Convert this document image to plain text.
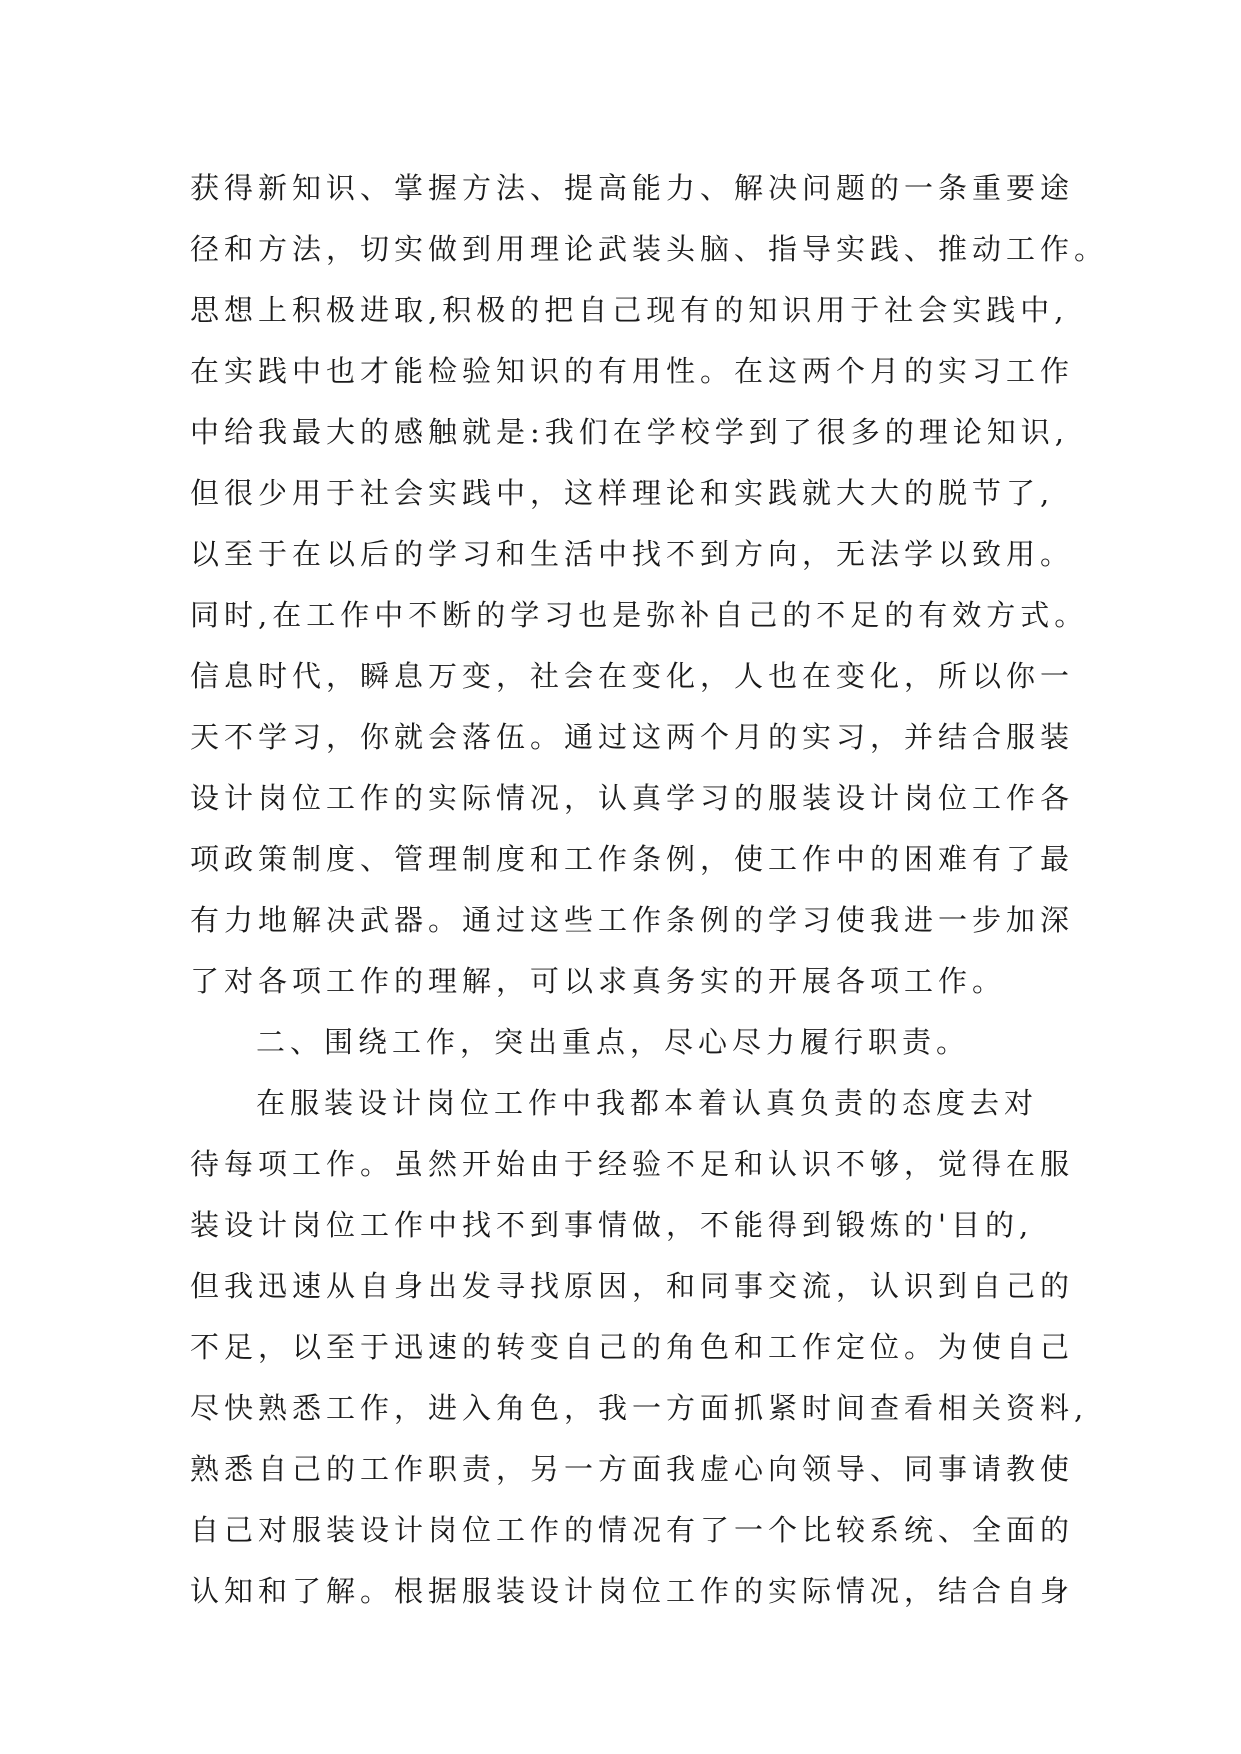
获得新知识、掌握方法、提高能力、解决问题的一条重要途
径和方法，切实做到用理论武装头脑、指导实践、推动工作。
思想上积极进取,积极的把自己现有的知识用于社会实践中,
在实践中也才能检验知识的有用性。在这两个月的实习工作
中给我最大的感触就是:我们在学校学到了很多的理论知识,
但很少用于社会实践中，这样理论和实践就大大的脱节了,
以至于在以后的学习和生活中找不到方向，无法学以致用。
同时,在工作中不断的学习也是弥补自己的不足的有效方式。
信息时代，瞬息万变，社会在变化，人也在变化，所以你一
天不学习，你就会落伍。通过这两个月的实习，并结合服装
设计岗位工作的实际情况，认真学习的服装设计岗位工作各
项政策制度、管理制度和工作条例，使工作中的困难有了最
有力地解决武器。通过这些工作条例的学习使我进一步加深
了对各项工作的理解，可以求真务实的开展各项工作。
二、围绕工作，突出重点，尽心尽力履行职责。
在服装设计岗位工作中我都本着认真负责的态度去对
待每项工作。虽然开始由于经验不足和认识不够，觉得在服
装设计岗位工作中找不到事情做，不能得到锻炼的'目的,
但我迅速从自身出发寻找原因，和同事交流，认识到自己的
不足，以至于迅速的转变自己的角色和工作定位。为使自己
尽快熟悉工作，进入角色，我一方面抓紧时间查看相关资料,
熟悉自己的工作职责，另一方面我虚心向领导、同事请教使
自己对服装设计岗位工作的情况有了一个比较系统、全面的
认知和了解。根据服装设计岗位工作的实际情况，结合自身
